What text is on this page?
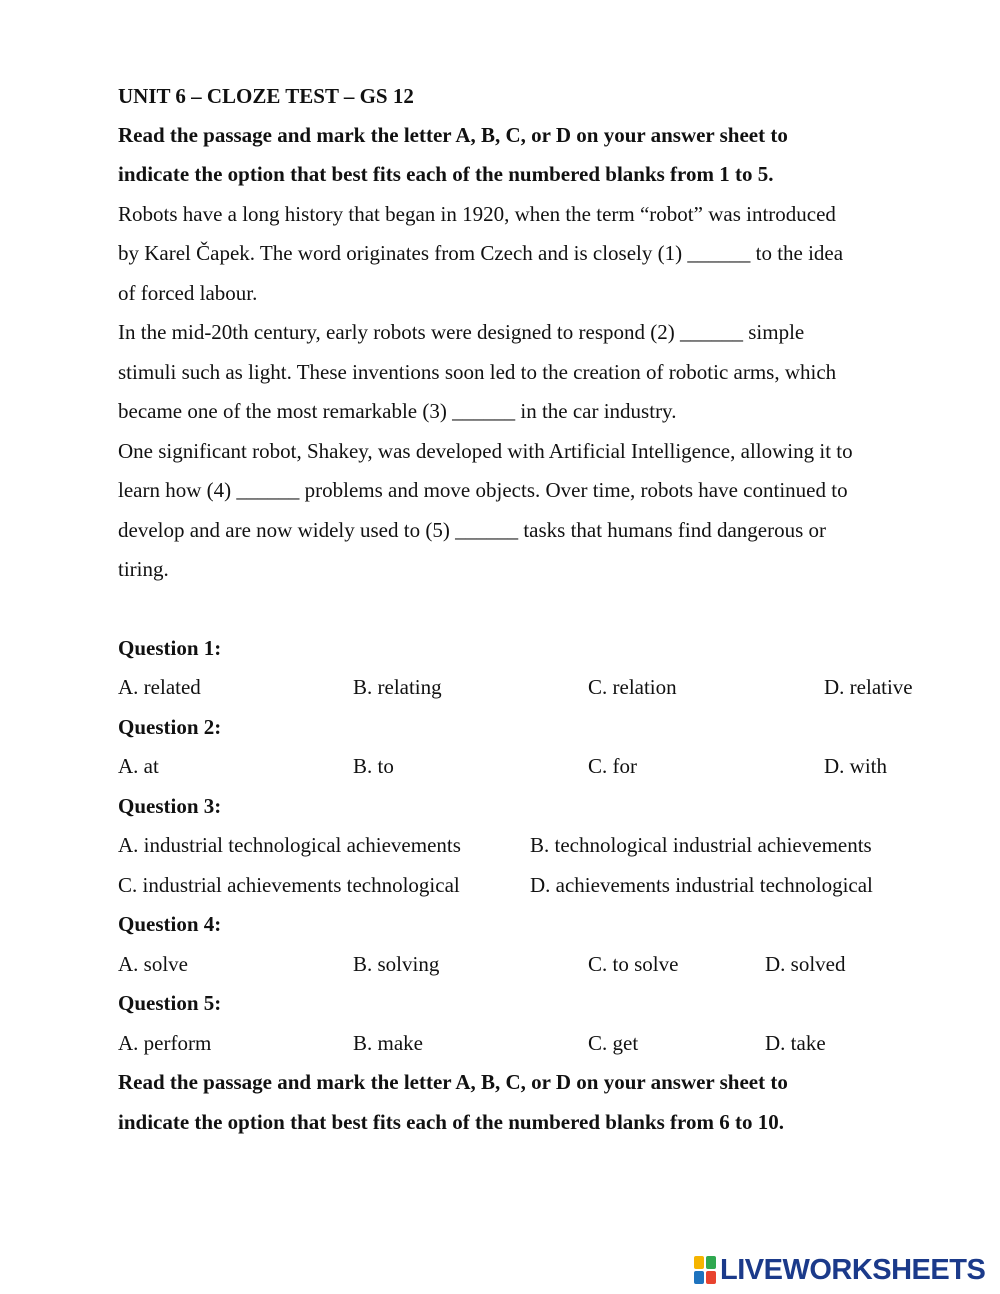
UNIT 6 – CLOZE TEST – GS 12
Read the passage and mark the letter A, B, C, or D on your answer sheet to
indicate the option that best fits each of the numbered blanks from 1 to 5.
Robots have a long history that began in 1920, when the term “robot” was introduced
by Karel Čapek. The word originates from Czech and is closely (1) ______ to the idea
of forced labour.
In the mid-20th century, early robots were designed to respond (2) ______ simple
stimuli such as light. These inventions soon led to the creation of robotic arms, which
became one of the most remarkable (3) ______ in the car industry.
One significant robot, Shakey, was developed with Artificial Intelligence, allowing it to
learn how (4) ______ problems and move objects. Over time, robots have continued to
develop and are now widely used to (5) ______ tasks that humans find dangerous or
tiring.
Question 1:
A. related	B. relating	C. relation	D. relative
Question 2:
A. at	B. to	C. for	D. with
Question 3:
A. industrial technological achievements	B. technological industrial achievements
C. industrial achievements technological	D. achievements industrial technological
Question 4:
A. solve	B. solving	C. to solve	D. solved
Question 5:
A. perform	B. make	C. get	D. take
Read the passage and mark the letter A, B, C, or D on your answer sheet to
indicate the option that best fits each of the numbered blanks from 6 to 10.
LIVEWORKSHEETS
